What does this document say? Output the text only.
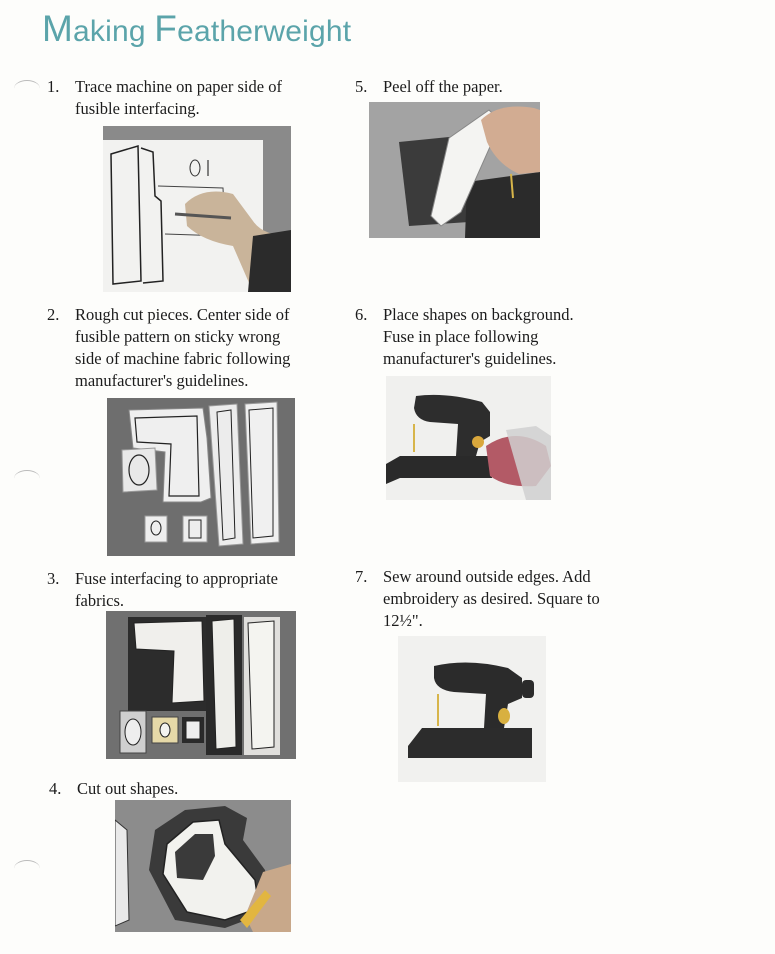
Making Featherweight
1. Trace machine on paper side of
fusible interfacing.
2. Rough cut pieces. Center side of
fusible pattern on sticky wrong
side of machine fabric following
manufacturer's guidelines.
3. Fuse interfacing to appropriate
fabrics.
4. Cut out shapes.
5. Peel off the paper.
6. Place shapes on background.
Fuse in place following
manufacturer's guidelines.
7. Sew around outside edges. Add
embroidery as desired. Square to
12½".
